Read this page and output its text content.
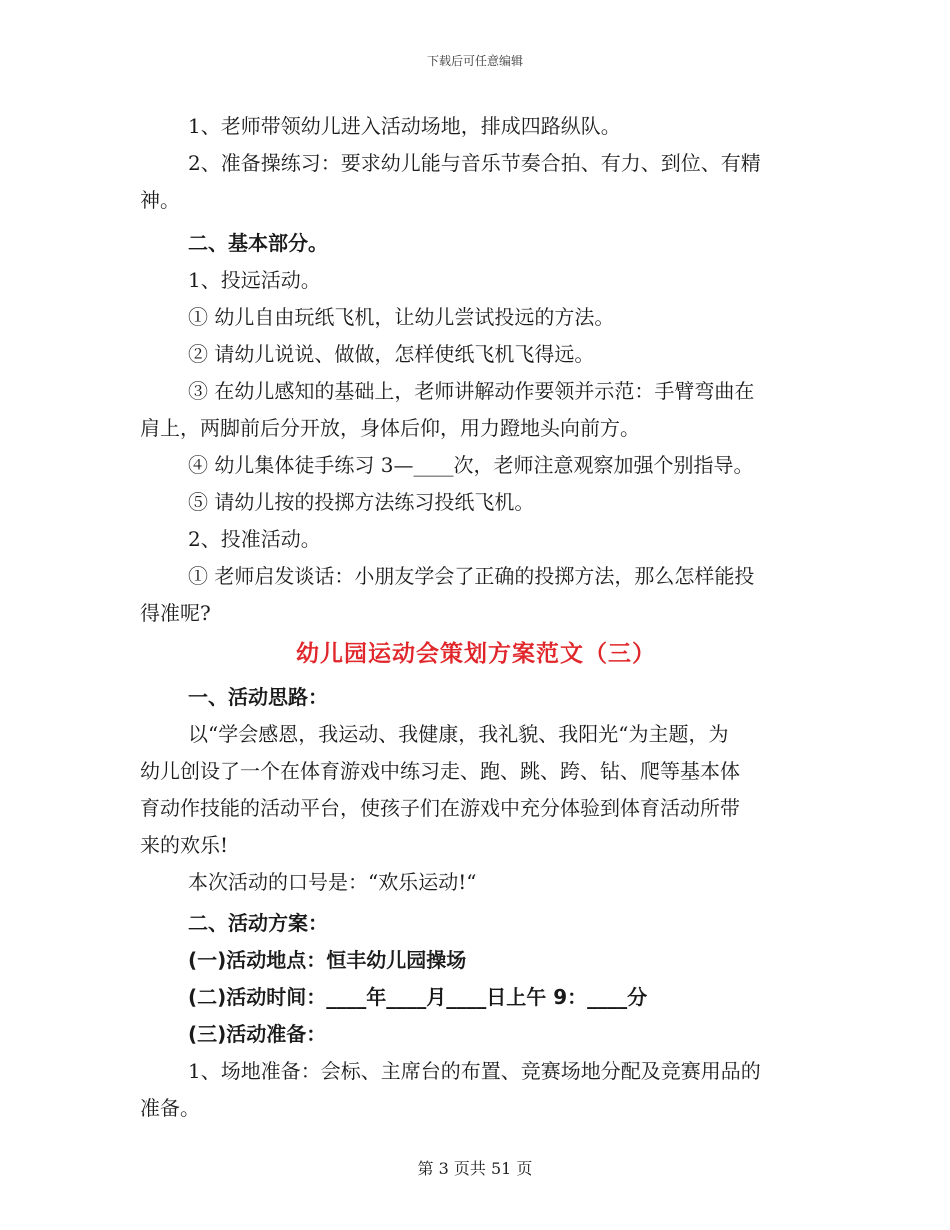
下载后可任意编辑
1、老师带领幼儿进入活动场地，排成四路纵队。
2、准备操练习：要求幼儿能与音乐节奏合拍、有力、到位、有精
神。
二、基本部分。
1、投远活动。
① 幼儿自由玩纸飞机，让幼儿尝试投远的方法。
② 请幼儿说说、做做，怎样使纸飞机飞得远。
③ 在幼儿感知的基础上，老师讲解动作要领并示范：手臂弯曲在
肩上，两脚前后分开放，身体后仰，用力蹬地头向前方。
④ 幼儿集体徒手练习 3—____次，老师注意观察加强个别指导。
⑤ 请幼儿按的投掷方法练习投纸飞机。
2、投准活动。
① 老师启发谈话：小朋友学会了正确的投掷方法，那么怎样能投
得准呢?
幼儿园运动会策划方案范文（三）
一、活动思路：
以“学会感恩，我运动、我健康，我礼貌、我阳光“为主题，为
幼儿创设了一个在体育游戏中练习走、跑、跳、跨、钻、爬等基本体
育动作技能的活动平台，使孩子们在游戏中充分体验到体育活动所带
来的欢乐!
本次活动的口号是：“欢乐运动!“
二、活动方案：
(一)活动地点：恒丰幼儿园操场
(二)活动时间：____年____月____日上午 9：____分
(三)活动准备：
1、场地准备：会标、主席台的布置、竞赛场地分配及竞赛用品的
准备。
第 3 页共 51 页
